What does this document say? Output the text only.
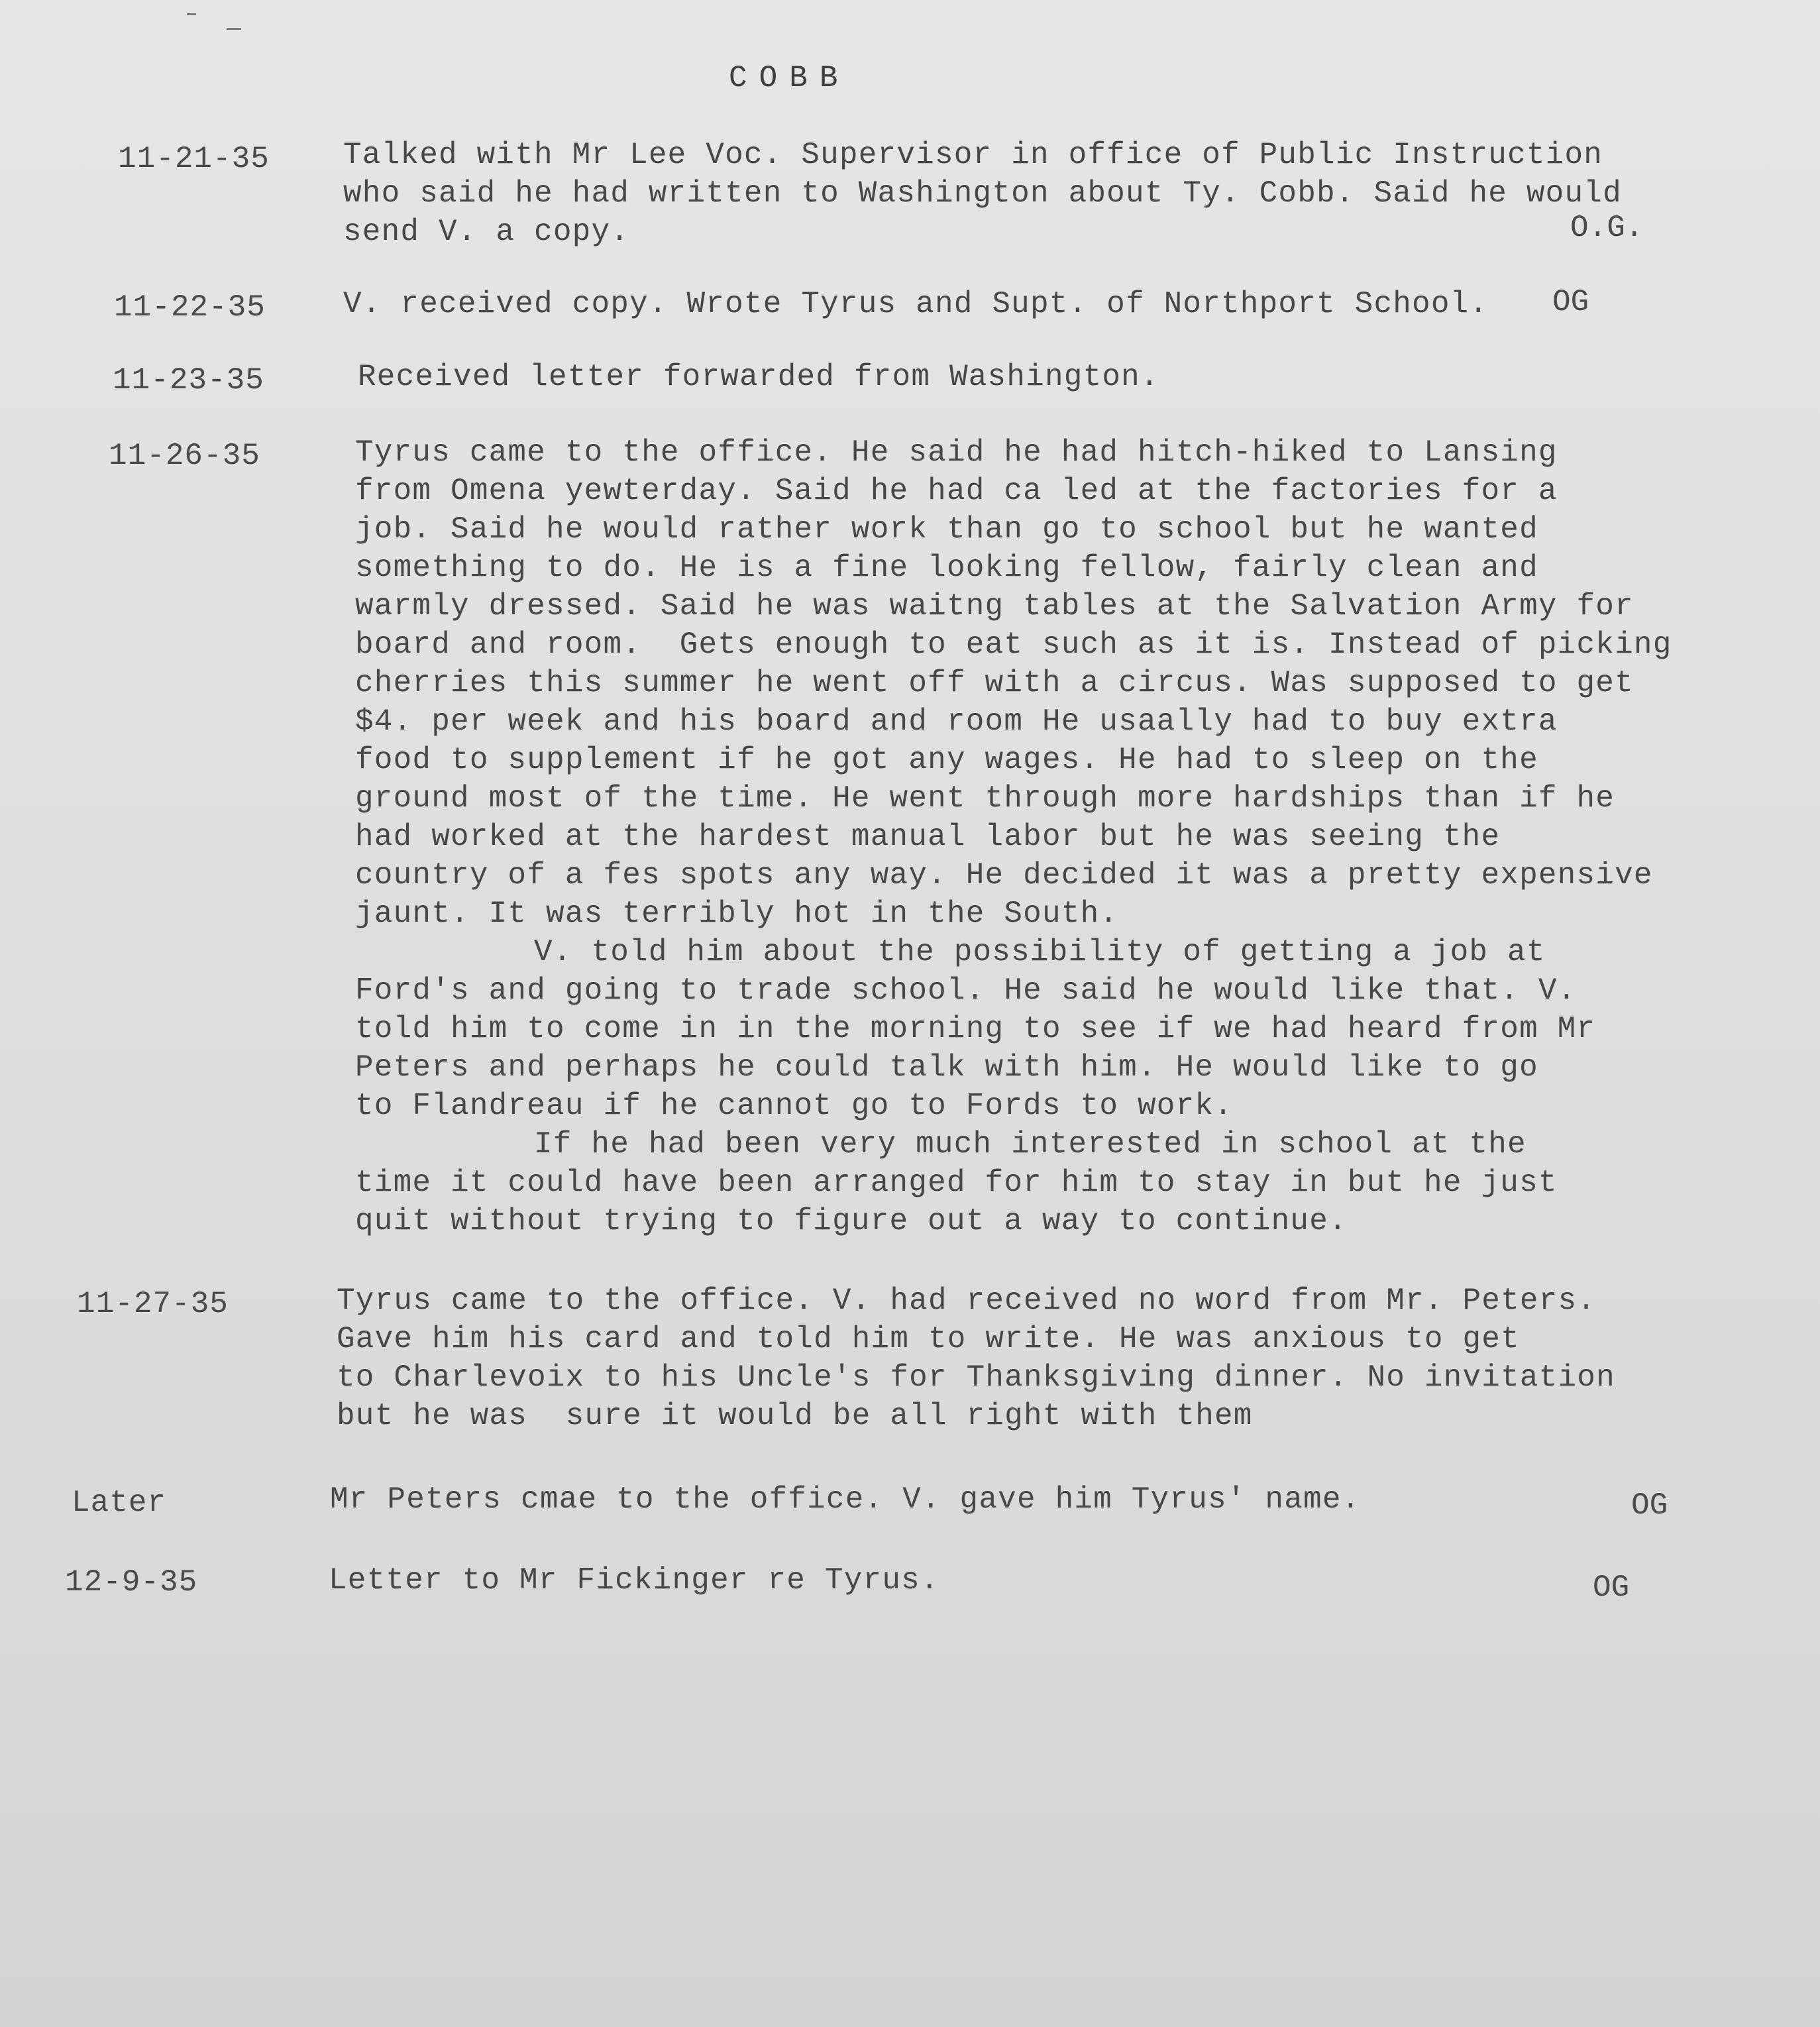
COBB
11-21-35 Talked with Mr Lee Voc. Supervisor in office of Public Instruction
who said he had written to Washington about Ty. Cobb. Said he would
send V. a copy.	O.G.
11-22-35	V. received copy. Wrote Tyrus and Supt. of Northport School. OG
11-23-35	Received letter forwarded from Washington.
11-26-35	Tyrus came to the office. He said he had hitch-hiked to Lansing
from Omena yewterday. Said he had ca led at the factories for a
job. Said he would rather work than go to school but he wanted
something to do. He is a fine looking fellow, fairly clean and
warmly dressed. Said he was waitng tables at the Salvation Army for
board and room.  Gets enough to eat such as it is. Instead of picking
cherries this summer he went off with a circus. Was supposed to get
$4. per week and his board and room He usaally had to buy extra
food to supplement if he got any wages. He had to sleep on the
ground most of the time. He went through more hardships than if he
had worked at the hardest manual labor but he was seeing the
country of a fes spots any way. He decided it was a pretty expensive
jaunt. It was terribly hot in the South.
V. told him about the possibility of getting a job at
Ford's and going to trade school. He said he would like that. V.
told him to come in in the morning to see if we had heard from Mr
Peters and perhaps he could talk with him. He would like to go
to Flandreau if he cannot go to Fords to work.
If he had been very much interested in school at the
time it could have been arranged for him to stay in but he just
quit without trying to figure out a way to continue.
11-27-35	Tyrus came to the office. V. had received no word from Mr. Peters.
Gave him his card and told him to write. He was anxious to get
to Charlevoix to his Uncle's for Thanksgiving dinner. No invitation
but he was  sure it would be all right with them
Later	Mr Peters cmae to the office. V. gave him Tyrus' name.	OG
12-9-35	Letter to Mr Fickinger re Tyrus.	OG
